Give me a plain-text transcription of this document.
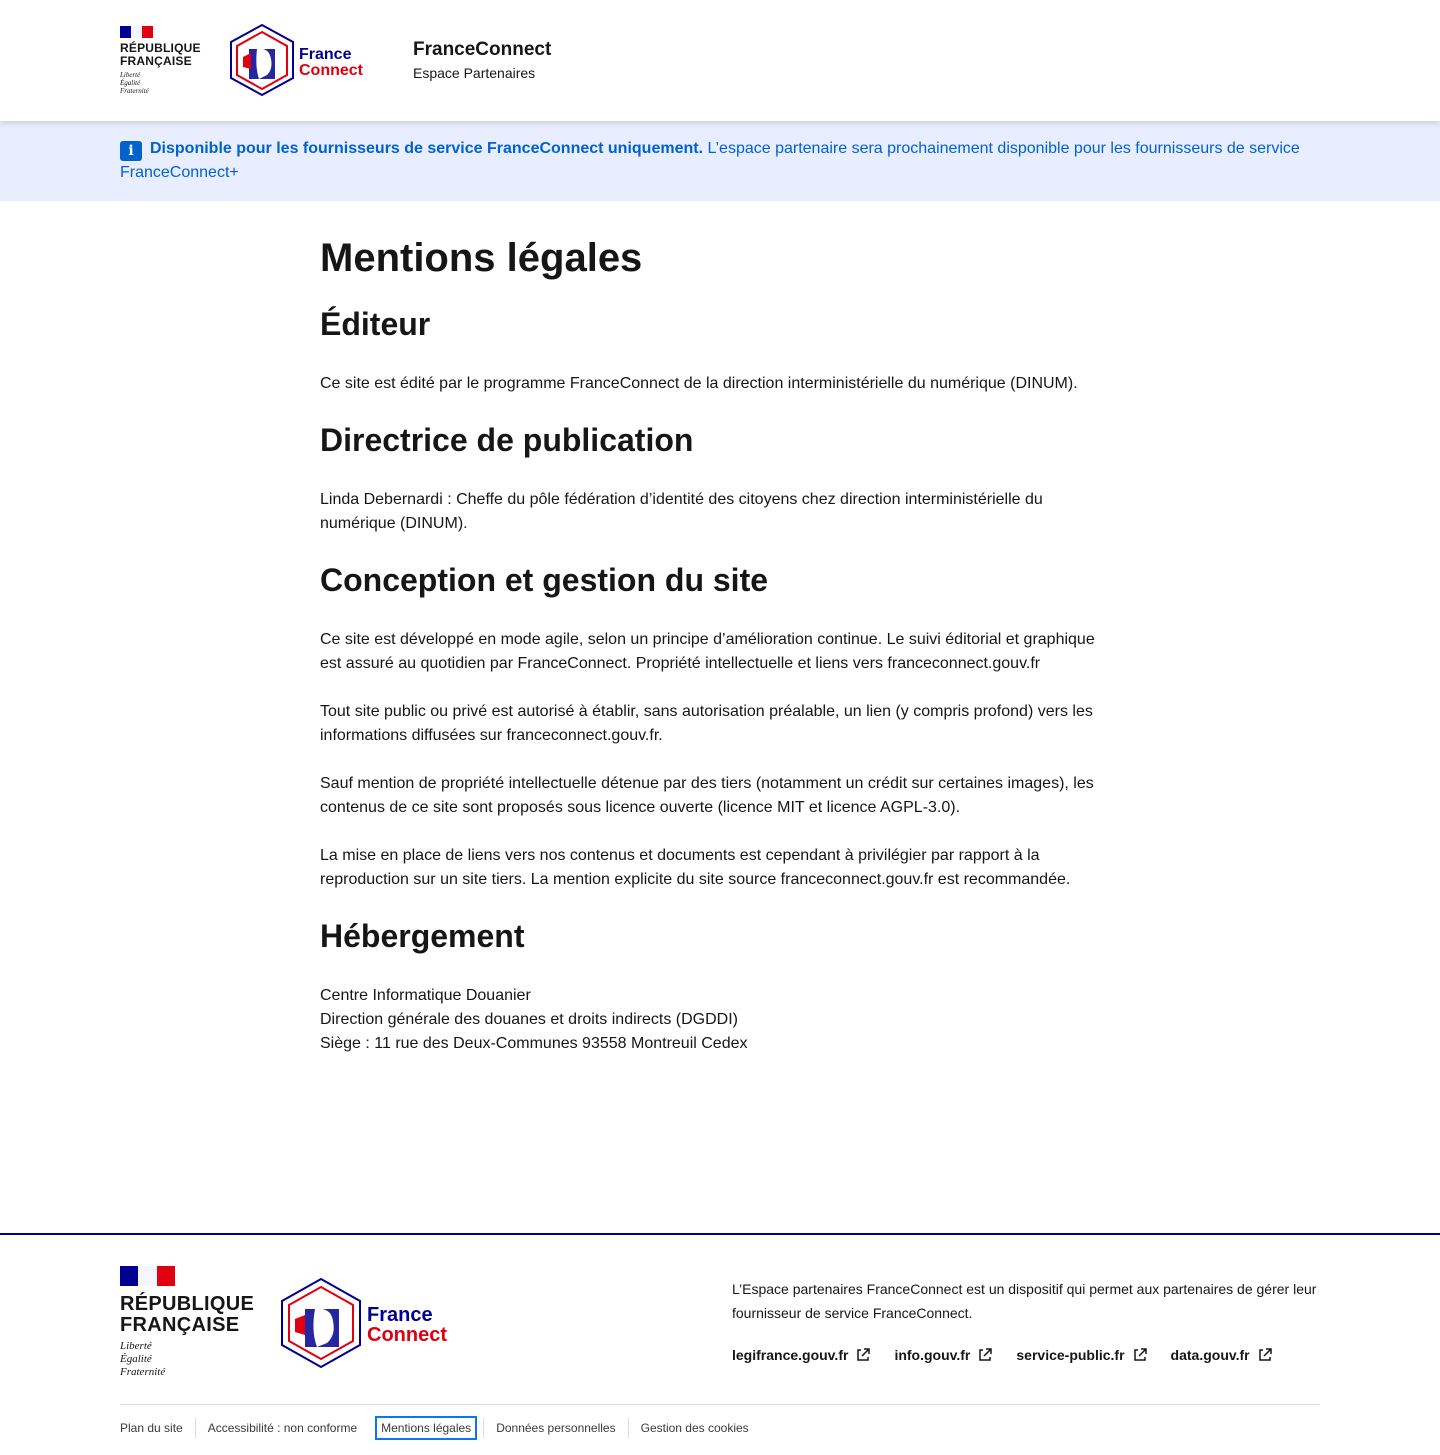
RÉPUBLIQUE
FRANÇAISE
Liberté
Égalité
Fraternité
France
Connect
FranceConnect
Espace Partenaires
i Disponible pour les fournisseurs de service FranceConnect uniquement. L’espace partenaire sera prochainement disponible pour les fournisseurs de service FranceConnect+
Mentions légales
Éditeur

Ce site est édité par le programme FranceConnect de la direction interministérielle du numérique (DINUM).

Directrice de publication

Linda Debernardi : Cheffe du pôle fédération d’identité des citoyens chez direction interministérielle du numérique (DINUM).

Conception et gestion du site

Ce site est développé en mode agile, selon un principe d’amélioration continue. Le suivi éditorial et graphique est assuré au quotidien par FranceConnect. Propriété intellectuelle et liens vers franceconnect.gouv.fr

Tout site public ou privé est autorisé à établir, sans autorisation préalable, un lien (y compris profond) vers les informations diffusées sur franceconnect.gouv.fr.

Sauf mention de propriété intellectuelle détenue par des tiers (notamment un crédit sur certaines images), les contenus de ce site sont proposés sous licence ouverte (licence MIT et licence AGPL-3.0).

La mise en place de liens vers nos contenus et documents est cependant à privilégier par rapport à la reproduction sur un site tiers. La mention explicite du site source franceconnect.gouv.fr est recommandée.

Hébergement

Centre Informatique Douanier
Direction générale des douanes et droits indirects (DGDDI)
Siège : 11 rue des Deux-Communes 93558 Montreuil Cedex

RÉPUBLIQUE
FRANÇAISE
Liberté
Égalité
Fraternité
France
Connect

L’Espace partenaires FranceConnect est un dispositif qui permet aux partenaires de gérer leur fournisseur de service FranceConnect.

legifrance.gouv.fr	info.gouv.fr	service-public.fr	data.gouv.fr
Plan du site	Accessibilité : non conforme	Mentions légales	Données personnelles	Gestion des cookies
